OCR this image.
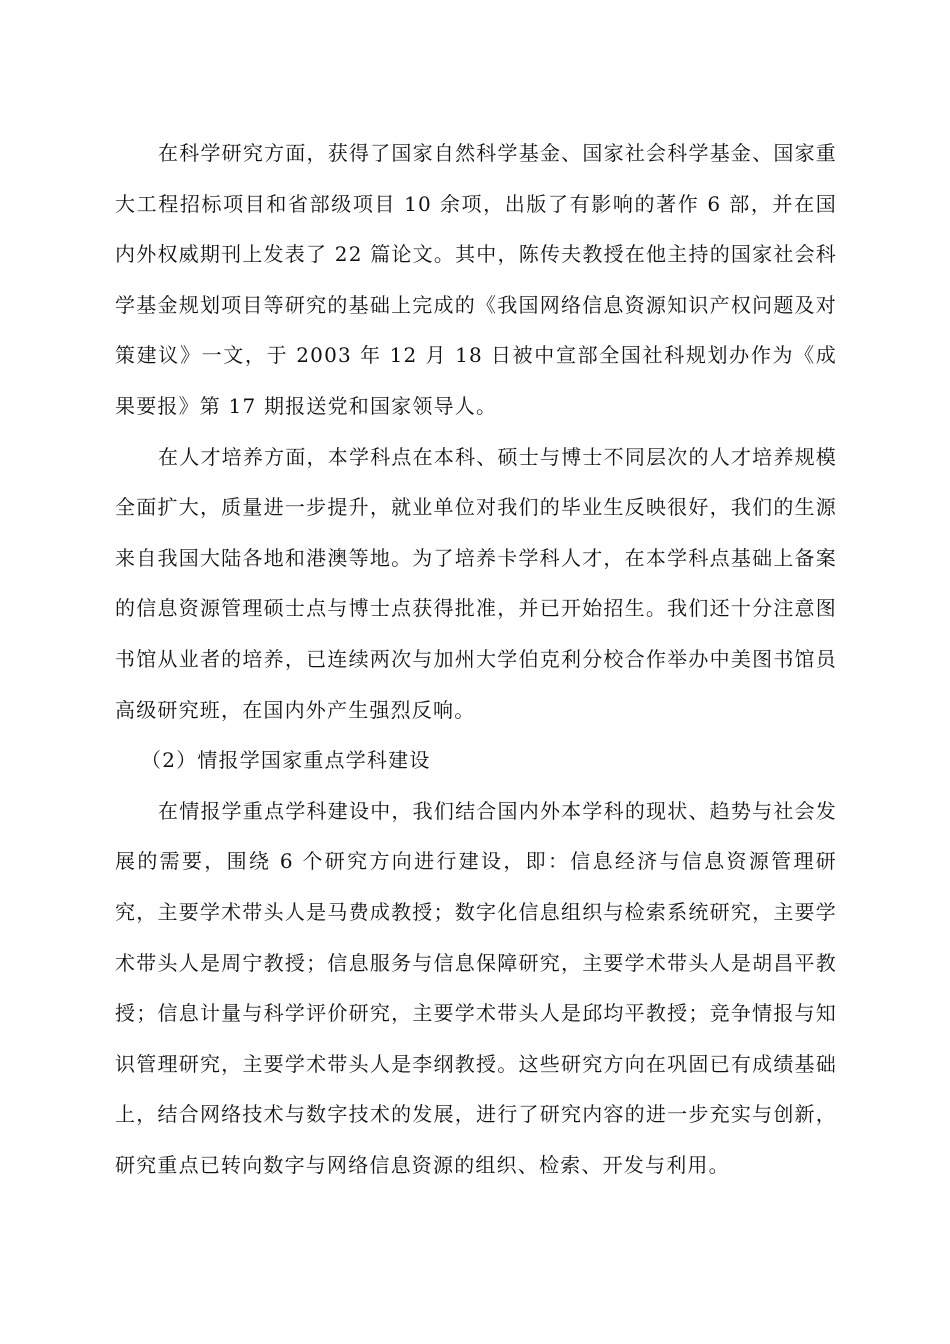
在科学研究方面，获得了国家自然科学基金、国家社会科学基金、国家重大工程招标项目和省部级项目 10 余项，出版了有影响的著作 6 部，并在国内外权威期刊上发表了 22 篇论文。其中，陈传夫教授在他主持的国家社会科学基金规划项目等研究的基础上完成的《我国网络信息资源知识产权问题及对策建议》一文，于 2003 年 12 月 18 日被中宣部全国社科规划办作为《成果要报》第 17 期报送党和国家领导人。

在人才培养方面，本学科点在本科、硕士与博士不同层次的人才培养规模全面扩大，质量进一步提升，就业单位对我们的毕业生反映很好，我们的生源来自我国大陆各地和港澳等地。为了培养卡学科人才，在本学科点基础上备案的信息资源管理硕士点与博士点获得批准，并已开始招生。我们还十分注意图书馆从业者的培养，已连续两次与加州大学伯克利分校合作举办中美图书馆员高级研究班，在国内外产生强烈反响。

（2）情报学国家重点学科建设

在情报学重点学科建设中，我们结合国内外本学科的现状、趋势与社会发展的需要，围绕 6 个研究方向进行建设，即：信息经济与信息资源管理研究，主要学术带头人是马费成教授；数字化信息组织与检索系统研究，主要学术带头人是周宁教授；信息服务与信息保障研究，主要学术带头人是胡昌平教授；信息计量与科学评价研究，主要学术带头人是邱均平教授；竞争情报与知识管理研究，主要学术带头人是李纲教授。这些研究方向在巩固已有成绩基础上，结合网络技术与数字技术的发展，进行了研究内容的进一步充实与创新，研究重点已转向数字与网络信息资源的组织、检索、开发与利用。
